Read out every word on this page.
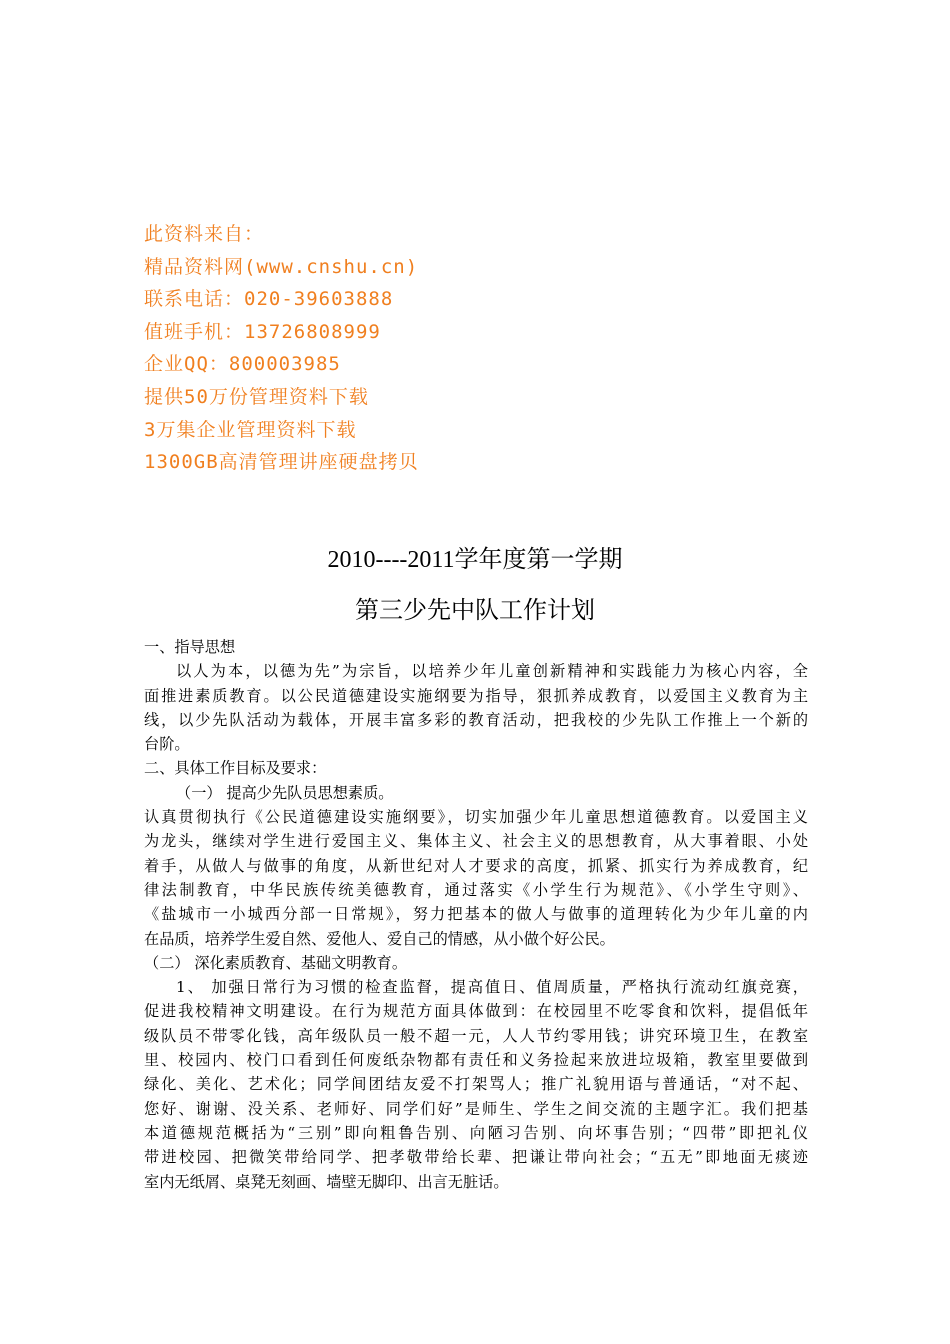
此资料来自：
精品资料网(www.cnshu.cn)
联系电话：020-39603888
值班手机：13726808999
企业QQ：800003985
提供50万份管理资料下载
3万集企业管理资料下载
1300GB高清管理讲座硬盘拷贝
2010----2011学年度第一学期
第三少先中队工作计划
一、指导思想
以人为本，以德为先”为宗旨，以培养少年儿童创新精神和实践能力为核心内容，全
面推进素质教育。以公民道德建设实施纲要为指导，狠抓养成教育，以爱国主义教育为主
线，以少先队活动为载体，开展丰富多彩的教育活动，把我校的少先队工作推上一个新的
台阶。
二、具体工作目标及要求：
（一） 提高少先队员思想素质。
认真贯彻执行《公民道德建设实施纲要》，切实加强少年儿童思想道德教育。以爱国主义
为龙头，继续对学生进行爱国主义、集体主义、社会主义的思想教育，从大事着眼、小处
着手，从做人与做事的角度，从新世纪对人才要求的高度，抓紧、抓实行为养成教育，纪
律法制教育，中华民族传统美德教育，通过落实《小学生行为规范》、《小学生守则》、
《盐城市一小城西分部一日常规》，努力把基本的做人与做事的道理转化为少年儿童的内
在品质，培养学生爱自然、爱他人、爱自己的情感，从小做个好公民。
（二） 深化素质教育、基础文明教育。
1、 加强日常行为习惯的检查监督，提高值日、值周质量，严格执行流动红旗竞赛，
促进我校精神文明建设。在行为规范方面具体做到：在校园里不吃零食和饮料，提倡低年
级队员不带零化钱，高年级队员一般不超一元，人人节约零用钱；讲究环境卫生，在教室
里、校园内、校门口看到任何废纸杂物都有责任和义务捡起来放进垃圾箱，教室里要做到
绿化、美化、艺术化；同学间团结友爱不打架骂人；推广礼貌用语与普通话，“对不起、
您好、谢谢、没关系、老师好、同学们好”是师生、学生之间交流的主题字汇。我们把基
本道德规范概括为“三别”即向粗鲁告别、向陋习告别、向坏事告别；“四带”即把礼仪
带进校园、把微笑带给同学、把孝敬带给长辈、把谦让带向社会；“五无”即地面无痰迹
室内无纸屑、桌凳无刻画、墙壁无脚印、出言无脏话。
